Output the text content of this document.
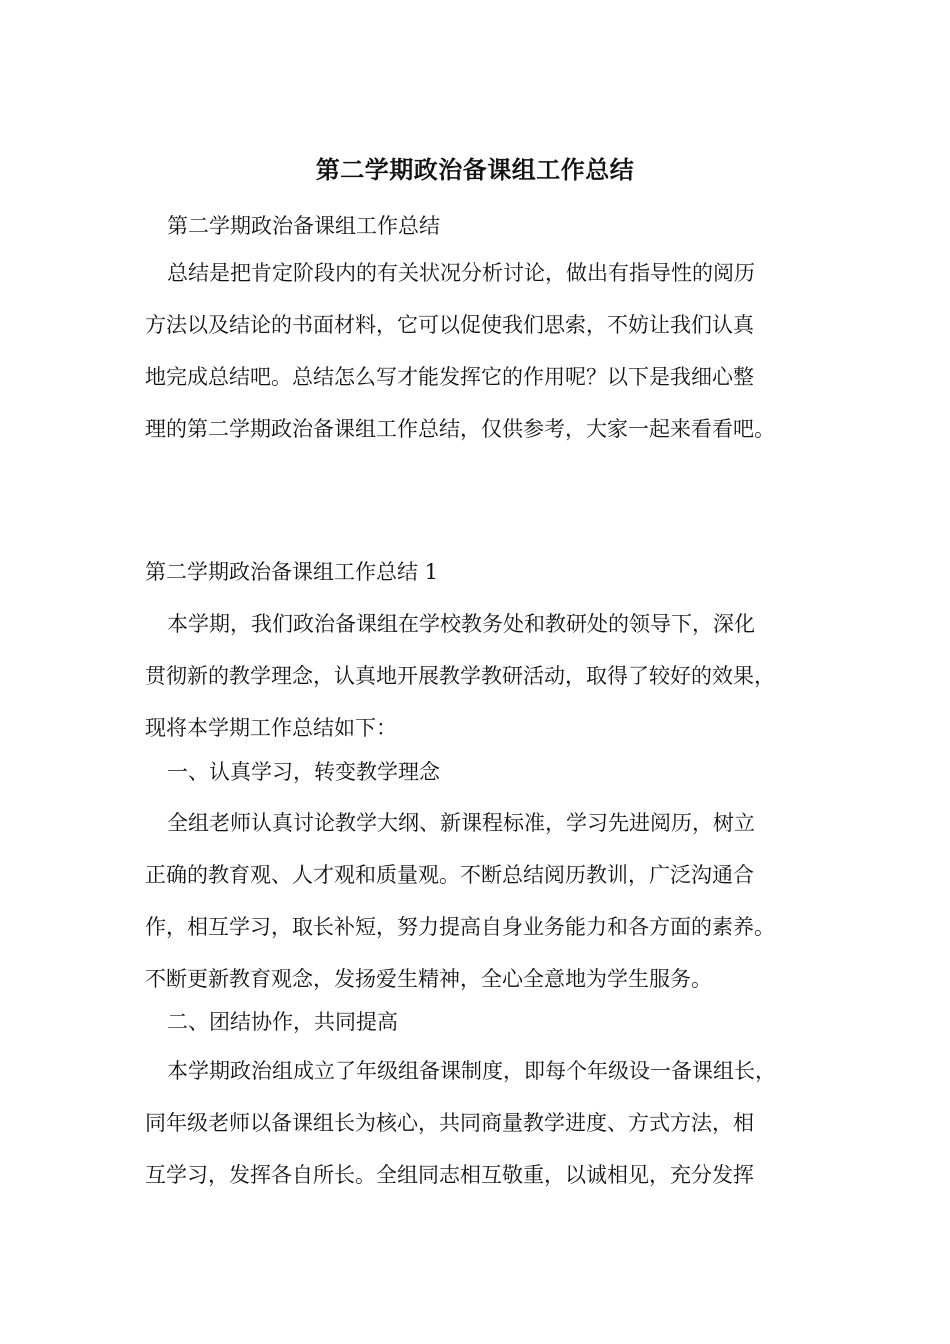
第二学期政治备课组工作总结
第二学期政治备课组工作总结
总结是把肯定阶段内的有关状况分析讨论，做出有指导性的阅历
方法以及结论的书面材料，它可以促使我们思索，不妨让我们认真
地完成总结吧。总结怎么写才能发挥它的作用呢？以下是我细心整
理的第二学期政治备课组工作总结，仅供参考，大家一起来看看吧。
第二学期政治备课组工作总结 1
本学期，我们政治备课组在学校教务处和教研处的领导下，深化
贯彻新的教学理念，认真地开展教学教研活动，取得了较好的效果，
现将本学期工作总结如下：
一、认真学习，转变教学理念
全组老师认真讨论教学大纲、新课程标准，学习先进阅历，树立
正确的教育观、人才观和质量观。不断总结阅历教训，广泛沟通合
作，相互学习，取长补短，努力提高自身业务能力和各方面的素养。
不断更新教育观念，发扬爱生精神，全心全意地为学生服务。
二、团结协作，共同提高
本学期政治组成立了年级组备课制度，即每个年级设一备课组长，
同年级老师以备课组长为核心，共同商量教学进度、方式方法，相
互学习，发挥各自所长。全组同志相互敬重，以诚相见，充分发挥
